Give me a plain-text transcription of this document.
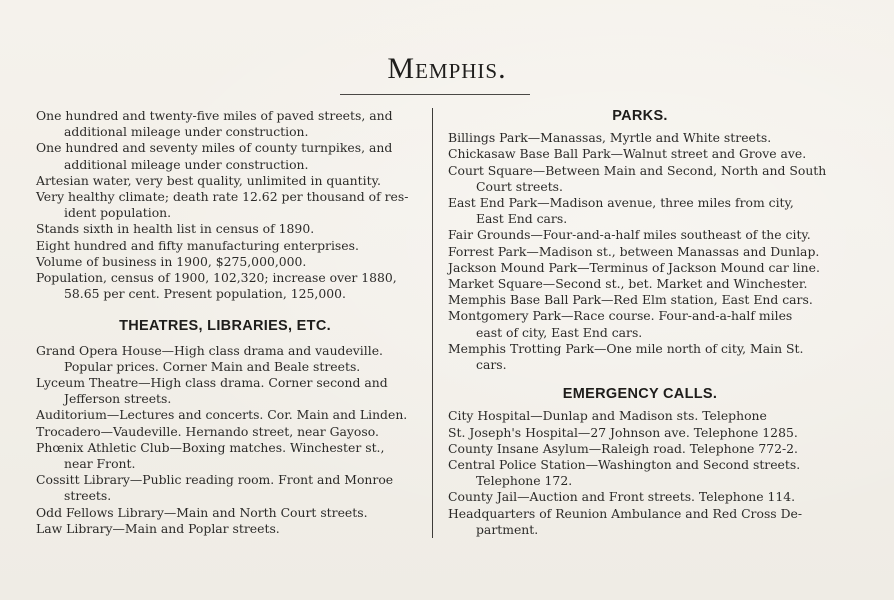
Memphis.

One hundred and twenty-five miles of paved streets, and
additional mileage under construction.

One hundred and seventy miles of county turnpikes, and
additional mileage under construction.

Artesian water, very best quality, unlimited in quantity.

Very healthy climate; death rate 12.62 per thousand of res-
ident population.

Stands sixth in health list in census of 1890.

Eight hundred and fifty manufacturing enterprises.

Volume of business in 1900, $275,000,000.

Population, census of 1900, 102,320; increase over 1880,
58.65 per cent. Present population, 125,000.

THEATRES, LIBRARIES, ETC.

Grand Opera House—High class drama and vaudeville.
Popular prices. Corner Main and Beale streets.

Lyceum Theatre—High class drama. Corner second and
Jefferson streets.

Auditorium—Lectures and concerts. Cor. Main and Linden.

Trocadero—Vaudeville. Hernando street, near Gayoso.

Phœnix Athletic Club—Boxing matches. Winchester st.,
near Front.

Cossitt Library—Public reading room. Front and Monroe
streets.

Odd Fellows Library—Main and North Court streets.

Law Library—Main and Poplar streets.

PARKS.

Billings Park—Manassas, Myrtle and White streets.

Chickasaw Base Ball Park—Walnut street and Grove ave.

Court Square—Between Main and Second, North and South
Court streets.

East End Park—Madison avenue, three miles from city,
East End cars.

Fair Grounds—Four-and-a-half miles southeast of the city.

Forrest Park—Madison st., between Manassas and Dunlap.

Jackson Mound Park—Terminus of Jackson Mound car line.

Market Square—Second st., bet. Market and Winchester.

Memphis Base Ball Park—Red Elm station, East End cars.

Montgomery Park—Race course. Four-and-a-half miles
east of city, East End cars.

Memphis Trotting Park—One mile north of city, Main St.
cars.

EMERGENCY CALLS.

City Hospital—Dunlap and Madison sts. Telephone

St. Joseph's Hospital—27 Johnson ave. Telephone 1285.

County Insane Asylum—Raleigh road. Telephone 772-2.

Central Police Station—Washington and Second streets.
Telephone 172.

County Jail—Auction and Front streets. Telephone 114.

Headquarters of Reunion Ambulance and Red Cross De-
partment.
